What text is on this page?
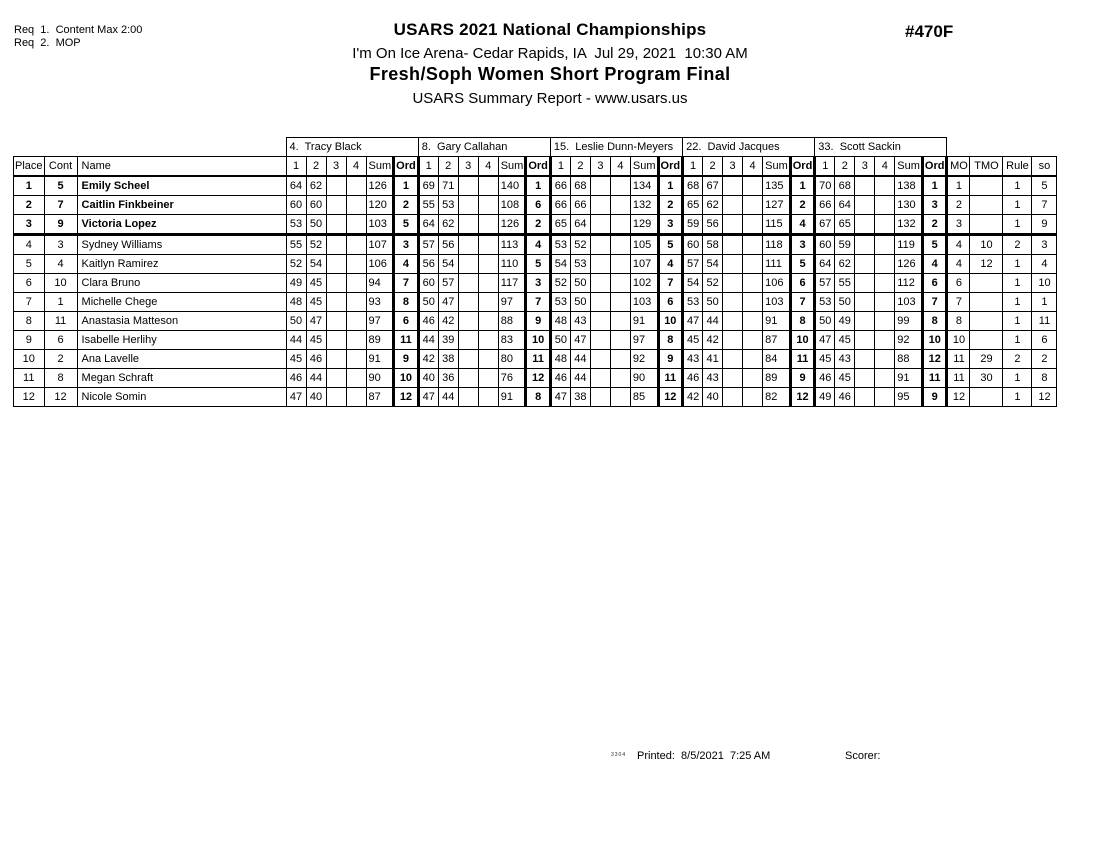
Req  1.  Content Max 2:00
Req  2.  MOP
USARS 2021 National Championships
I'm On Ice Arena- Cedar Rapids, IA  Jul 29, 2021  10:30 AM
Fresh/Soph Women Short Program Final
USARS Summary Report - www.usars.us
#470F
			4.  Tracy Black						8.  Gary Callahan						15.  Leslie Dunn-Meyers						22.  David Jacques						33.  Scott Sackin									
Place	Cont	Name	1	2	3	4	Sum	Ord	1	2	3	4	Sum	Ord	1	2	3	4	Sum	Ord	1	2	3	4	Sum	Ord	1	2	3	4	Sum	Ord	MO	TMO	Rule	so
1	5	Emily Scheel	64	62			126	1	69	71			140	1	66	68			134	1	68	67			135	1	70	68			138	1	1		1	5
2	7	Caitlin Finkbeiner	60	60			120	2	55	53			108	6	66	66			132	2	65	62			127	2	66	64			130	3	2		1	7
3	9	Victoria Lopez	53	50			103	5	64	62			126	2	65	64			129	3	59	56			115	4	67	65			132	2	3		1	9
4	3	Sydney Williams	55	52			107	3	57	56			113	4	53	52			105	5	60	58			118	3	60	59			119	5	4	10	2	3
5	4	Kaitlyn Ramirez	52	54			106	4	56	54			110	5	54	53			107	4	57	54			111	5	64	62			126	4	4	12	1	4
6	10	Clara Bruno	49	45			94	7	60	57			117	3	52	50			102	7	54	52			106	6	57	55			112	6	6		1	10
7	1	Michelle Chege	48	45			93	8	50	47			97	7	53	50			103	6	53	50			103	7	53	50			103	7	7		1	1
8	11	Anastasia Matteson	50	47			97	6	46	42			88	9	48	43			91	10	47	44			91	8	50	49			99	8	8		1	11
9	6	Isabelle Herlihy	44	45			89	11	44	39			83	10	50	47			97	8	45	42			87	10	47	45			92	10	10		1	6
10	2	Ana Lavelle	45	46			91	9	42	38			80	11	48	44			92	9	43	41			84	11	45	43			88	12	11	29	2	2
11	8	Megan Schraft	46	44			90	10	40	36			76	12	46	44			90	11	46	43			89	9	46	45			91	11	11	30	1	8
12	12	Nicole Somin	47	40			87	12	47	44			91	8	47	38			85	12	42	40			82	12	49	46			95	9	12		1	12
3304 Printed:  8/5/2021  7:25 AM	Scorer:
